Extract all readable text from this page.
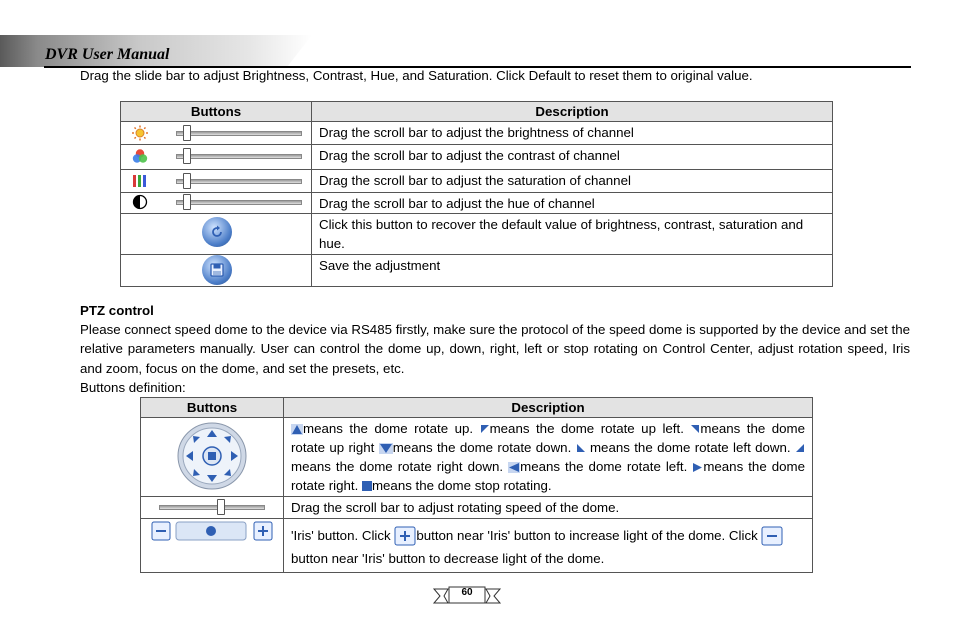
DVR User Manual
Drag the slide bar to adjust Brightness, Contrast, Hue, and Saturation. Click Default to reset them to original value.
Buttons	Description

	Drag the scroll bar to adjust the brightness of channel

	Drag the scroll bar to adjust the contrast of channel

	Drag the scroll bar to adjust the saturation of channel

	Drag the scroll bar to adjust the hue of channel

	Click this button to recover the default value of brightness, contrast, saturation and hue.

	Save the adjustment
PTZ control
Please connect speed dome to the device via RS485 firstly, make sure the protocol of the speed dome is supported by the device and set the relative parameters manually. User can control the dome up, down, right, left or stop rotating on Control Center, adjust rotation speed, Iris and zoom, focus on the dome, and set the presets, etc.
Buttons definition:
Buttons	Description

	means the dome rotate up. means the dome rotate up left. means the dome rotate up right means the dome rotate down.  means the dome rotate left down.  means the dome rotate right down. means the dome rotate left. means the dome rotate right. means the dome stop rotating.

	Drag the scroll bar to adjust rotating speed of the dome.

	'Iris' button. Click button near 'Iris' button to increase light of the dome. Click button near 'Iris' button to decrease light of the dome.
60
